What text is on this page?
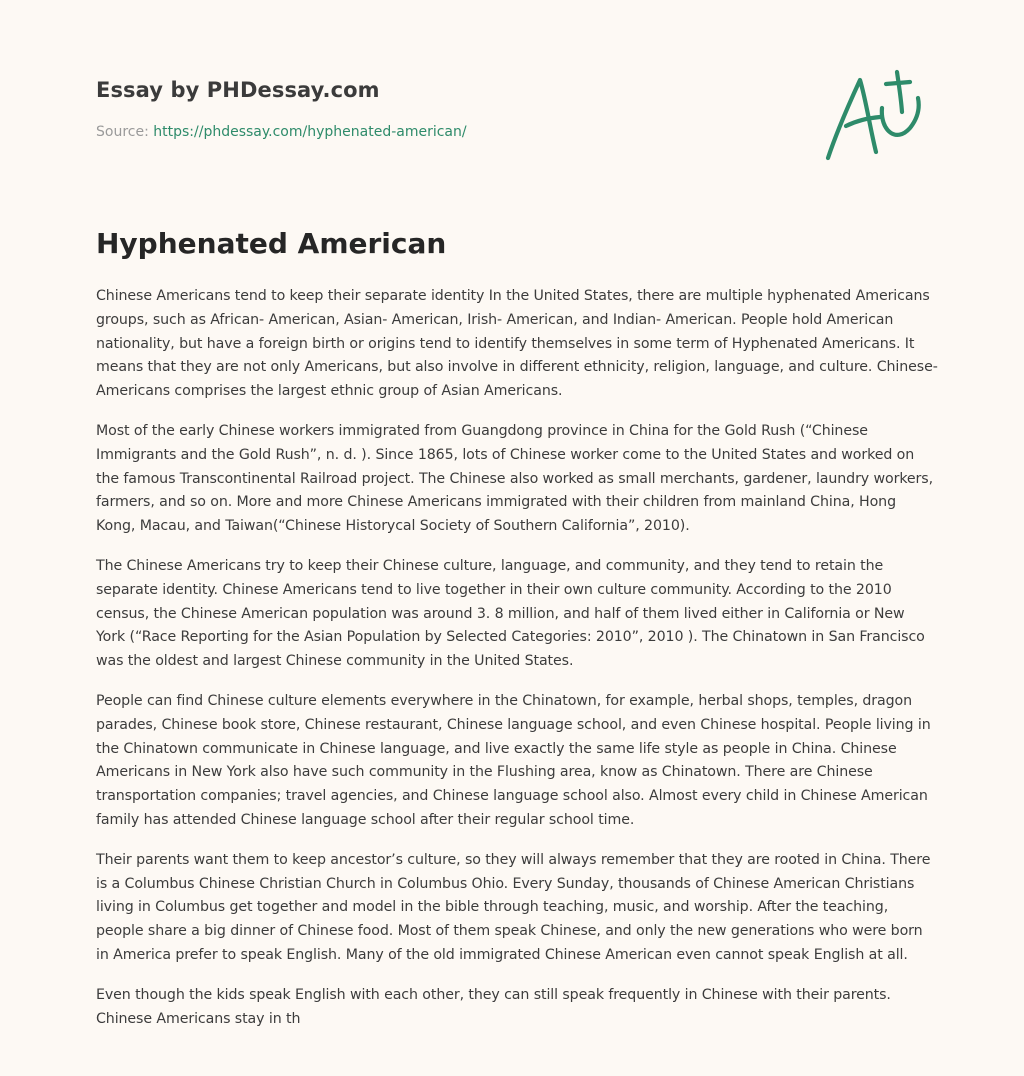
Essay by PHDessay.com
Source: https://phdessay.com/hyphenated-american/
Hyphenated American

Chinese Americans tend to keep their separate identity In the United States, there are multiple hyphenated Americans groups, such as African- American, Asian- American, Irish- American, and Indian- American. People hold American nationality, but have a foreign birth or origins tend to identify themselves in some term of Hyphenated Americans. It means that they are not only Americans, but also involve in different ethnicity, religion, language, and culture. Chinese- Americans comprises the largest ethnic group of Asian Americans.

Most of the early Chinese workers immigrated from Guangdong province in China for the Gold Rush (“Chinese Immigrants and the Gold Rush”, n. d. ). Since 1865, lots of Chinese worker come to the United States and worked on the famous Transcontinental Railroad project. The Chinese also worked as small merchants, gardener, laundry workers, farmers, and so on. More and more Chinese Americans immigrated with their children from mainland China, Hong Kong, Macau, and Taiwan(“Chinese Historycal Society of Southern California”, 2010).

The Chinese Americans try to keep their Chinese culture, language, and community, and they tend to retain the separate identity. Chinese Americans tend to live together in their own culture community. According to the 2010 census, the Chinese American population was around 3. 8 million, and half of them lived either in California or New York (“Race Reporting for the Asian Population by Selected Categories: 2010”, 2010 ). The Chinatown in San Francisco was the oldest and largest Chinese community in the United States.

People can find Chinese culture elements everywhere in the Chinatown, for example, herbal shops, temples, dragon parades, Chinese book store, Chinese restaurant, Chinese language school, and even Chinese hospital. People living in the Chinatown communicate in Chinese language, and live exactly the same life style as people in China. Chinese Americans in New York also have such community in the Flushing area, know as Chinatown. There are Chinese transportation companies; travel agencies, and Chinese language school also. Almost every child in Chinese American family has attended Chinese language school after their regular school time.

Their parents want them to keep ancestor’s culture, so they will always remember that they are rooted in China. There is a Columbus Chinese Christian Church in Columbus Ohio. Every Sunday, thousands of Chinese American Christians living in Columbus get together and model in the bible through teaching, music, and worship. After the teaching, people share a big dinner of Chinese food. Most of them speak Chinese, and only the new generations who were born in America prefer to speak English. Many of the old immigrated Chinese American even cannot speak English at all.

Even though the kids speak English with each other, they can still speak frequently in Chinese with their parents. Chinese Americans stay in th
